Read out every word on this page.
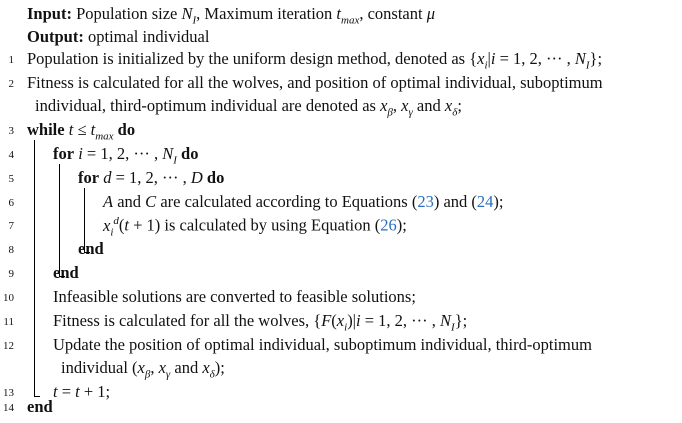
Input: Population size $N_I$, Maximum iteration $t_{max}$, constant μ
Output: optimal individual
1 Population is initialized by the uniform design method, denoted as {$x_i|i = 1$, 2, ··· , $N_I$};
2 Fitness is calculated for all the wolves, and position of optimal individual, suboptimum
individual, third-optimum individual are denoted as $x_\beta$, $x_\gamma$ and $x_\delta$;
3 while $t \le t_{max}$ do
4 for i = 1, 2, ··· , $N_I$ do
5	for d = 1, 2, ··· , D do
6	A and C are calculated according to Equations (23) and (24);
7	$x_i^d(t + 1)$ is calculated by using Equation (26);
8	end
9 end
10 Infeasible solutions are converted to feasible solutions;
11 Fitness is calculated for all the wolves, {$F(x_i)|i = 1$, 2, ··· , $N_I$};
12 Update the position of optimal individual, suboptimum individual, third-optimum
individual ($x_\beta$, $x_\gamma$ and $x_\delta$);
13 t = t + 1;
14 end
